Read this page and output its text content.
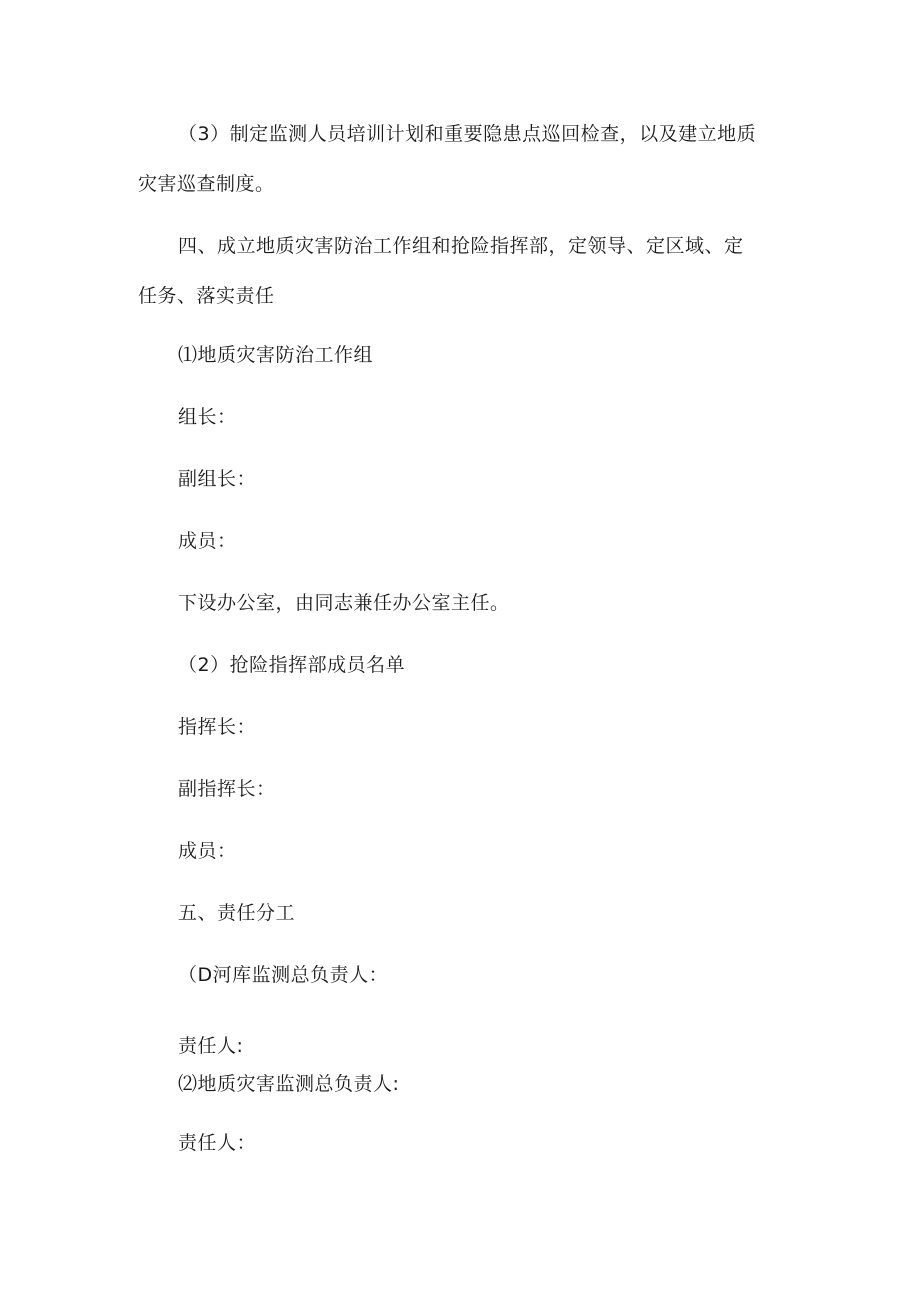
（3）制定监测人员培训计划和重要隐患点巡回检查，以及建立地质

灾害巡查制度。

四、成立地质灾害防治工作组和抢险指挥部，定领导、定区域、定

任务、落实责任

⑴地质灾害防治工作组

组长：

副组长：

成员：

下设办公室，由同志兼任办公室主任。

（2）抢险指挥部成员名单

指挥长：

副指挥长：

成员：

五、责任分工

（D河库监测总负责人：

责任人:

⑵地质灾害监测总负责人:

责任人：
